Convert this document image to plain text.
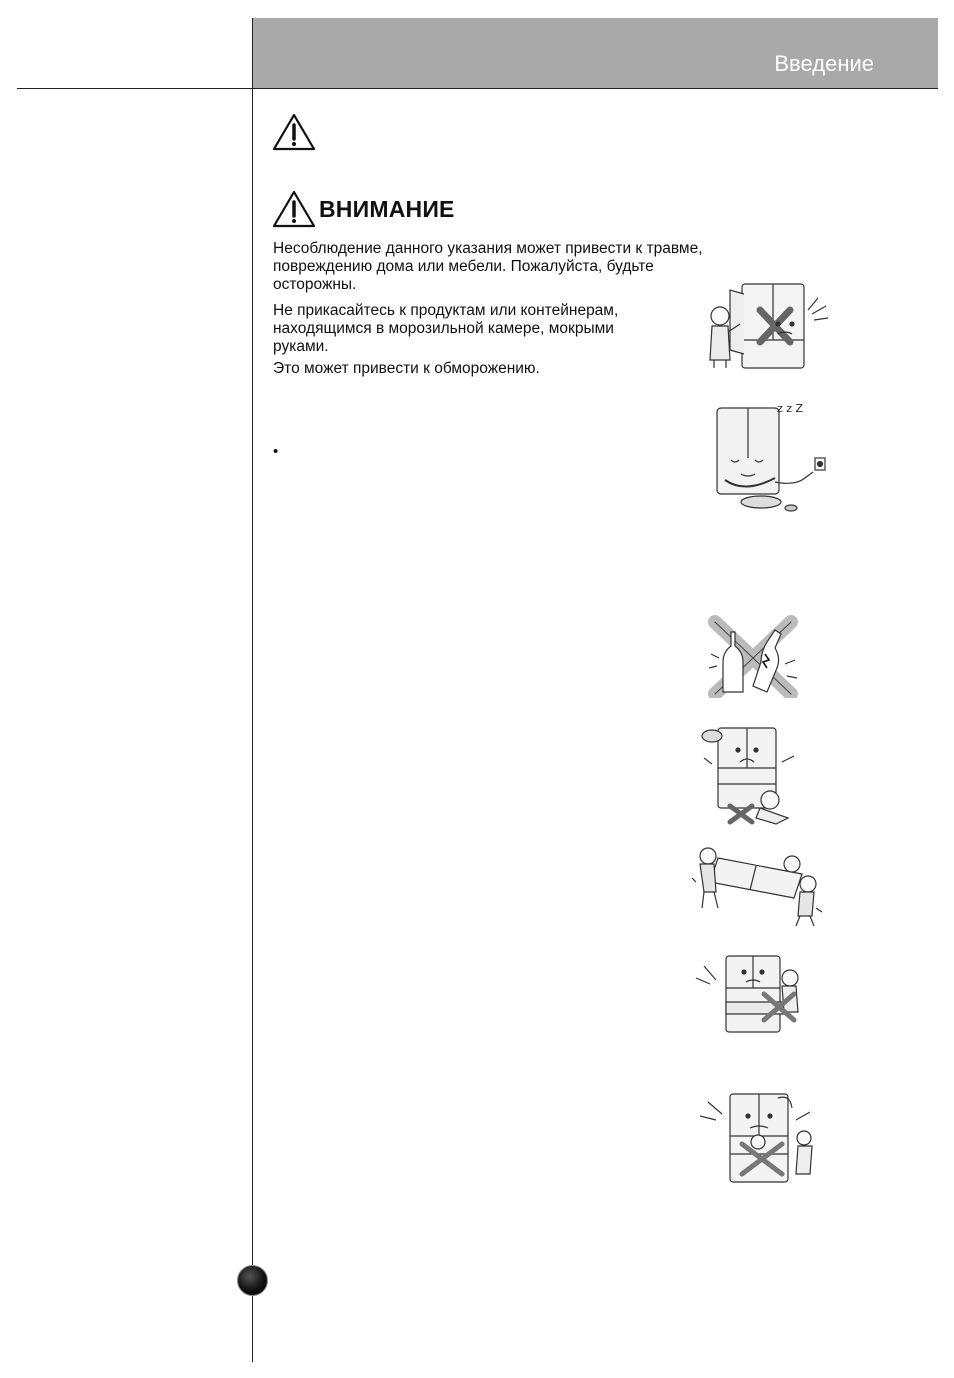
Введение
ВНИМАНИЕ
Несоблюдение данного указания может привести к травме, повреждению дома или мебели. Пожалуйста, будьте осторожны.
Не прикасайтесь к продуктам или контейнерам, находящимся в морозильной камере, мокрыми руками.
Это может привести к обморожению.
•
z z Z
